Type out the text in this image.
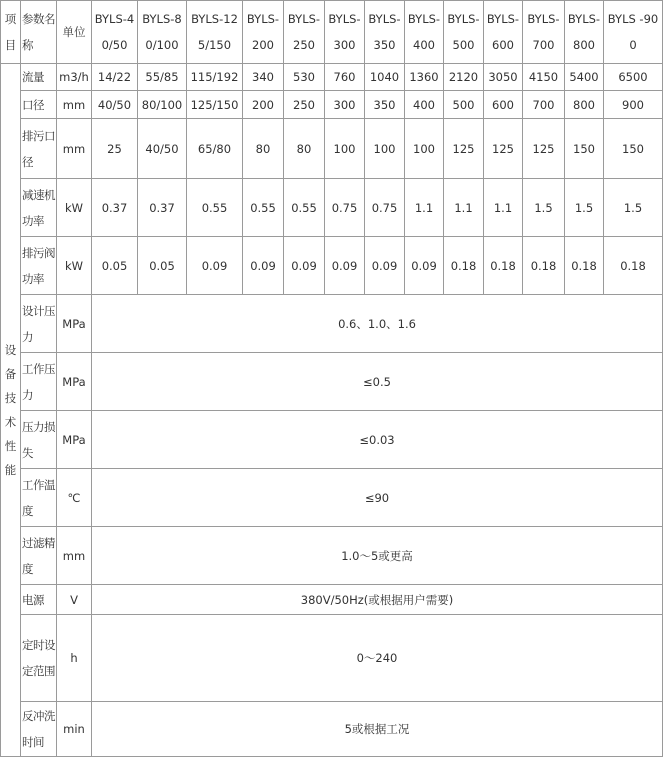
项目	参数名称	单位	BYLS-40/50	BYLS-80/100	BYLS-125/150	BYLS-200	BYLS-250	BYLS-300	BYLS-350	BYLS-400	BYLS-500	BYLS-600	BYLS-700	BYLS-800	BYLS -900
设备技术性能	流量	m3/h	14/22	55/85	115/192	340	530	760	1040	1360	2120	3050	4150	5400	6500
	口径	mm	40/50	80/100	125/150	200	250	300	350	400	500	600	700	800	900
	排污口径	mm	25	40/50	65/80	80	80	100	100	100	125	125	125	150	150
	减速机功率	kW	0.37	0.37	0.55	0.55	0.55	0.75	0.75	1.1	1.1	1.1	1.5	1.5	1.5
	排污阀功率	kW	0.05	0.05	0.09	0.09	0.09	0.09	0.09	0.09	0.18	0.18	0.18	0.18	0.18
	设计压力	MPa	0.6、1.0、1.6												
	工作压力	MPa	≤0.5												
	压力损失	MPa	≤0.03												
	工作温度	℃	≤90												
	过滤精度	mm	1.0～5或更高												
	电源	V	380V/50Hz(或根据用户需要)												
	定时设定范围	h	0～240												
	反冲洗时间	min	5或根据工况												
